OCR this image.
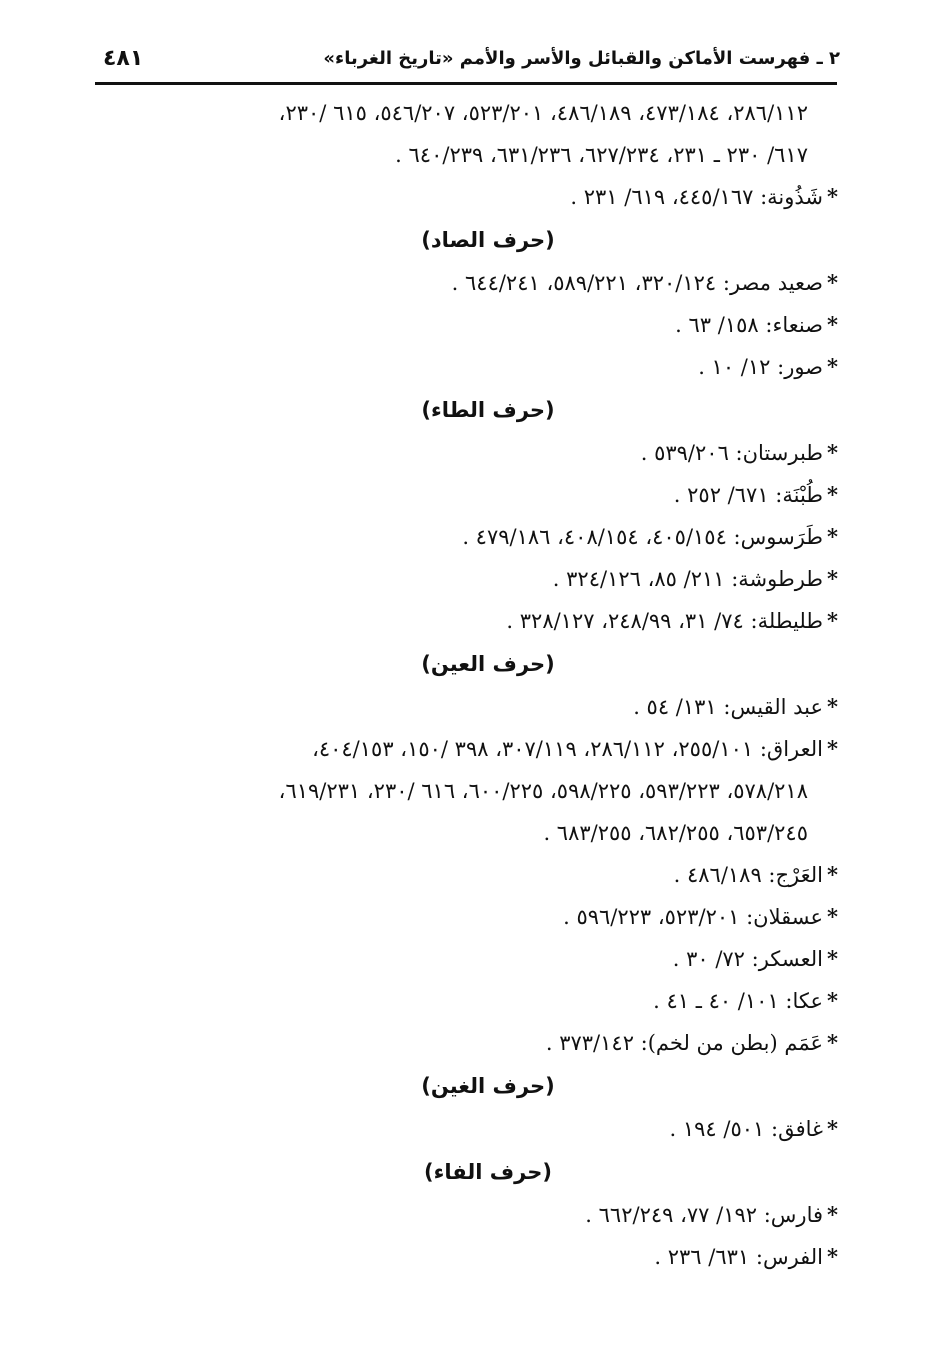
٢ ـ فهرست الأماكن والقبائل والأسر والأمم «تاريخ الغرباء»
٤٨١

٢٨٦/١١٢، ٤٧٣/١٨٤، ٤٨٦/١٨٩، ٥٢٣/٢٠١، ٥٤٦/٢٠٧، ٦١٥ /٢٣٠،

٦١٧/ ٢٣٠ ـ ٢٣١، ٦٢٧/٢٣٤، ٦٣١/٢٣٦، ٦٤٠/٢٣٩ .

*شَذُونة: ٤٤٥/١٦٧، ٦١٩/ ٢٣١ .

(حرف الصاد)

*صعيد مصر: ٣٢٠/١٢٤، ٥٨٩/٢٢١، ٦٤٤/٢٤١ .

*صنعاء: ١٥٨/ ٦٣ .

*صور: ١٢/ ١٠ .

(حرف الطاء)

*طبرستان: ٥٣٩/٢٠٦ .

*طُبْنَة: ٦٧١/ ٢٥٢ .

*طَرَسوس: ٤٠٥/١٥٤، ٤٠٨/١٥٤، ٤٧٩/١٨٦ .

*طرطوشة: ٢١١/ ٨٥، ٣٢٤/١٢٦ .

*طليطلة: ٧٤/ ٣١، ٢٤٨/٩٩، ٣٢٨/١٢٧ .

(حرف العين)

*عبد القيس: ١٣١/ ٥٤ .

*العراق: ٢٥٥/١٠١، ٢٨٦/١١٢، ٣٠٧/١١٩، ٣٩٨ /١٥٠، ٤٠٤/١٥٣،

٥٧٨/٢١٨، ٥٩٣/٢٢٣، ٥٩٨/٢٢٥، ٦٠٠/٢٢٥، ٦١٦ /٢٣٠، ٦١٩/٢٣١،

٦٥٣/٢٤٥، ٦٨٢/٢٥٥، ٦٨٣/٢٥٥ .

*العَرْج: ٤٨٦/١٨٩ .

*عسقلان: ٥٢٣/٢٠١، ٥٩٦/٢٢٣ .

*العسكر: ٧٢/ ٣٠ .

*عكا: ١٠١/ ٤٠ ـ ٤١ .

*عَمَم (بطن من لخم): ٣٧٣/١٤٢ .

(حرف الغين)

*غافق: ٥٠١/ ١٩٤ .

(حرف الفاء)

*فارس: ١٩٢/ ٧٧، ٦٦٢/٢٤٩ .

*الفرس: ٦٣١/ ٢٣٦ .
